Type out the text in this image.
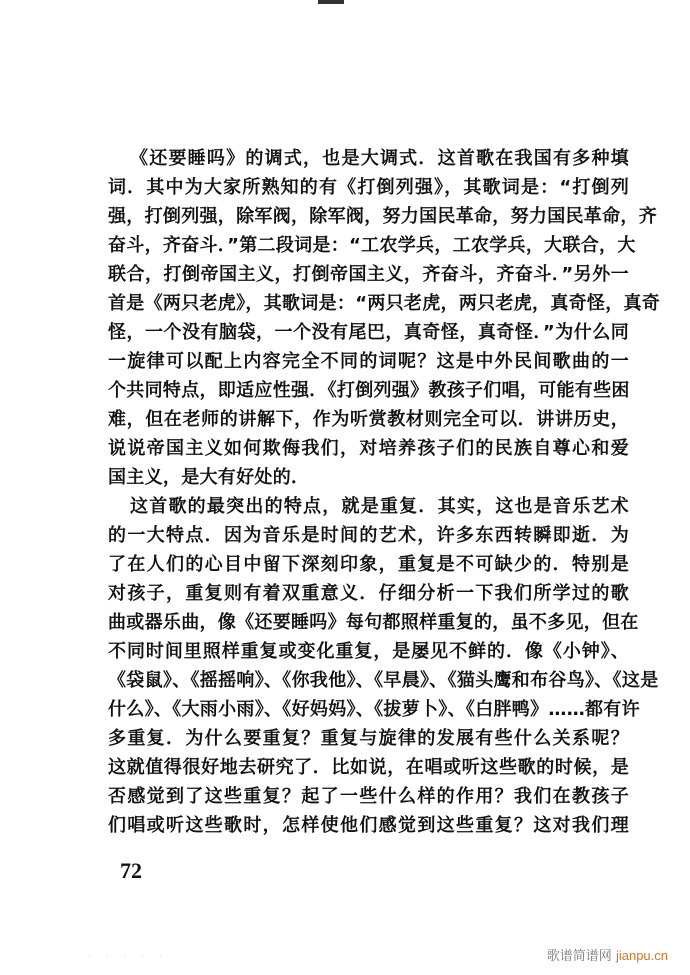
《还要睡吗》的调式，也是大调式．这首歌在我国有多种填
词．其中为大家所熟知的有《打倒列强》，其歌词是：“打倒列
强，打倒列强，除军阀，除军阀，努力国民革命，努力国民革命，齐
奋斗，齐奋斗．”第二段词是：“工农学兵，工农学兵，大联合，大
联合，打倒帝国主义，打倒帝国主义，齐奋斗，齐奋斗．”另外一
首是《两只老虎》，其歌词是：“两只老虎，两只老虎，真奇怪，真奇
怪，一个没有脑袋，一个没有尾巴，真奇怪，真奇怪．”为什么同
一旋律可以配上内容完全不同的词呢？这是中外民间歌曲的一
个共同特点，即适应性强．《打倒列强》教孩子们唱，可能有些困
难，但在老师的讲解下，作为听赏教材则完全可以．讲讲历史，
说说帝国主义如何欺侮我们，对培养孩子们的民族自尊心和爱
国主义，是大有好处的．
这首歌的最突出的特点，就是重复．其实，这也是音乐艺术
的一大特点．因为音乐是时间的艺术，许多东西转瞬即逝．为
了在人们的心目中留下深刻印象，重复是不可缺少的．特别是
对孩子，重复则有着双重意义．仔细分析一下我们所学过的歌
曲或器乐曲，像《还要睡吗》每句都照样重复的，虽不多见，但在
不同时间里照样重复或变化重复，是屡见不鲜的．像《小钟》、
《袋鼠》、《摇摇响》、《你我他》、《早晨》、《猫头鹰和布谷鸟》、《这是
什么》、《大雨小雨》、《好妈妈》、《拔萝卜》、《白胖鸭》……都有许
多重复．为什么要重复？重复与旋律的发展有些什么关系呢？
这就值得很好地去研究了．比如说，在唱或听这些歌的时候，是
否感觉到了这些重复？起了一些什么样的作用？我们在教孩子
们唱或听这些歌时，怎样使他们感觉到这些重复？这对我们理
72
· · · · ·	歌谱简谱网 jianpu.cn
